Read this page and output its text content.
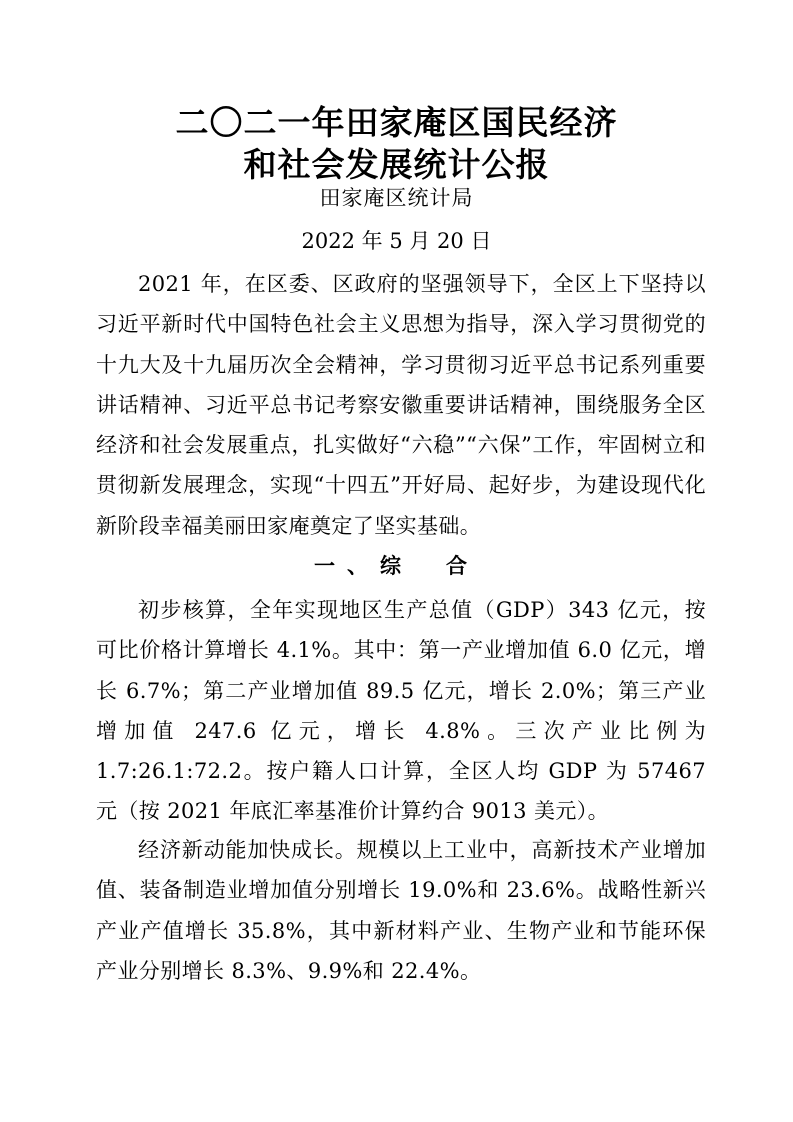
二〇二一年田家庵区国民经济
和社会发展统计公报
田家庵区统计局
2022 年 5 月 20 日

2021 年，在区委、区政府的坚强领导下，全区上下坚持以习近平新时代中国特色社会主义思想为指导，深入学习贯彻党的十九大及十九届历次全会精神，学习贯彻习近平总书记系列重要讲话精神、习近平总书记考察安徽重要讲话精神，围绕服务全区经济和社会发展重点，扎实做好“六稳”“六保”工作，牢固树立和贯彻新发展理念，实现“十四五”开好局、起好步，为建设现代化新阶段幸福美丽田家庵奠定了坚实基础。

一、综　合

初步核算，全年实现地区生产总值（GDP）343 亿元，按可比价格计算增长 4.1%。其中：第一产业增加值 6.0 亿元，增长 6.7%；第二产业增加值 89.5 亿元，增长 2.0%；第三产业增加值 247.6 亿元，增长 4.8%。三次产业比例为 1.7:26.1:72.2。按户籍人口计算，全区人均 GDP 为 57467 元（按 2021 年底汇率基准价计算约合 9013 美元）。

经济新动能加快成长。规模以上工业中，高新技术产业增加值、装备制造业增加值分别增长 19.0%和 23.6%。战略性新兴产业产值增长 35.8%，其中新材料产业、生物产业和节能环保产业分别增长 8.3%、9.9%和 22.4%。
